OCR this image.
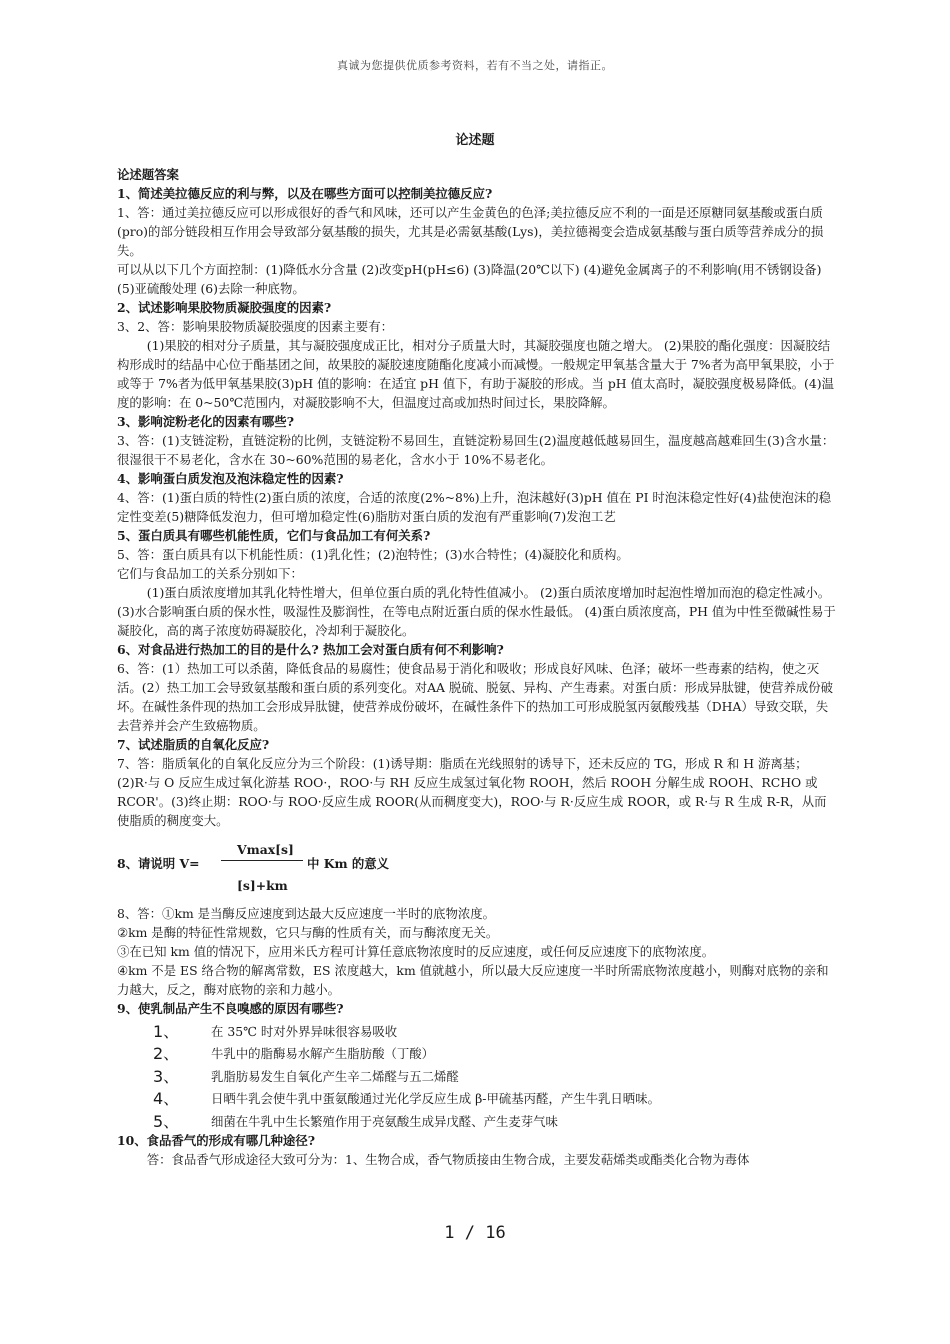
真诚为您提供优质参考资料，若有不当之处，请指正。
论述题

论述题答案

1、简述美拉德反应的利与弊，以及在哪些方面可以控制美拉德反应?

1、答：通过美拉德反应可以形成很好的香气和风味，还可以产生金黄色的色泽;美拉德反应不利的一面是还原糖同氨基酸或蛋白质(pro)的部分链段相互作用会导致部分氨基酸的损失，尤其是必需氨基酸(Lys)，美拉德褐变会造成氨基酸与蛋白质等营养成分的损失。

可以从以下几个方面控制：(1)降低水分含量 (2)改变pH(pH≤6) (3)降温(20℃以下) (4)避免金属离子的不利影响(用不锈钢设备) (5)亚硫酸处理 (6)去除一种底物。

2、试述影响果胶物质凝胶强度的因素?

3、2、答：影响果胶物质凝胶强度的因素主要有：

(1)果胶的相对分子质量，其与凝胶强度成正比，相对分子质量大时，其凝胶强度也随之增大。 (2)果胶的酯化强度：因凝胶结构形成时的结晶中心位于酯基团之间，故果胶的凝胶速度随酯化度减小而减慢。一般规定甲氧基含量大于 7%者为高甲氧果胶，小于或等于 7%者为低甲氧基果胶(3)pH 值的影响：在适宜 pH 值下，有助于凝胶的形成。当 pH 值太高时，凝胶强度极易降低。(4)温度的影响：在 0~50℃范围内，对凝胶影响不大，但温度过高或加热时间过长，果胶降解。

3、影响淀粉老化的因素有哪些?

3、答：(1)支链淀粉，直链淀粉的比例，支链淀粉不易回生，直链淀粉易回生(2)温度越低越易回生，温度越高越难回生(3)含水量：很湿很干不易老化，含水在 30~60%范围的易老化，含水小于 10%不易老化。

4、影响蛋白质发泡及泡沫稳定性的因素?

4、答：(1)蛋白质的特性(2)蛋白质的浓度，合适的浓度(2%~8%)上升，泡沫越好(3)pH 值在 PI 时泡沫稳定性好(4)盐使泡沫的稳定性变差(5)糖降低发泡力，但可增加稳定性(6)脂肪对蛋白质的发泡有严重影响(7)发泡工艺

5、蛋白质具有哪些机能性质，它们与食品加工有何关系?

5、答：蛋白质具有以下机能性质：(1)乳化性；(2)泡特性；(3)水合特性；(4)凝胶化和质构。

它们与食品加工的关系分别如下：

(1)蛋白质浓度增加其乳化特性增大，但单位蛋白质的乳化特性值减小。 (2)蛋白质浓度增加时起泡性增加而泡的稳定性减小。(3)水合影响蛋白质的保水性，吸湿性及膨润性，在等电点附近蛋白质的保水性最低。 (4)蛋白质浓度高，PH 值为中性至微碱性易于凝胶化，高的离子浓度妨碍凝胶化，冷却利于凝胶化。

6、对食品进行热加工的目的是什么? 热加工会对蛋白质有何不利影响?

6、答：(1）热加工可以杀菌，降低食品的易腐性；使食品易于消化和吸收；形成良好风味、色泽；破坏一些毒素的结构，使之灭活。(2）热工加工会导致氨基酸和蛋白质的系列变化。对AA 脱硫、脱氨、异构、产生毒素。对蛋白质：形成异肽键，使营养成份破坏。在碱性条件现的热加工会形成异肽键，使营养成份破坏，在碱性条件下的热加工可形成脱氢丙氨酸残基（DHA）导致交联，失去营养并会产生致癌物质。

7、试述脂质的自氧化反应?

7、答：脂质氧化的自氧化反应分为三个阶段：(1)诱导期：脂质在光线照射的诱导下，还未反应的 TG，形成 R 和 H 游离基；(2)R·与 O 反应生成过氧化游基 ROO·，ROO·与 RH 反应生成氢过氧化物 ROOH，然后 ROOH 分解生成 ROOH、RCHO 或 RCOR'。(3)终止期：ROO·与 ROO·反应生成 ROOR(从而稠度变大)，ROO·与 R·反应生成 ROOR，或 R·与 R 生成 R-R，从而使脂质的稠度变大。

Vmax[s]
8、请说明 V=	中 Km 的意义
[s]+km

8、答：①km 是当酶反应速度到达最大反应速度一半时的底物浓度。

②km 是酶的特征性常规数，它只与酶的性质有关，而与酶浓度无关。

③在已知 km 值的情况下，应用米氏方程可计算任意底物浓度时的反应速度，或任何反应速度下的底物浓度。

④km 不是 ES 络合物的解离常数，ES 浓度越大，km 值就越小，所以最大反应速度一半时所需底物浓度越小，则酶对底物的亲和力越大，反之，酶对底物的亲和力越小。

9、使乳制品产生不良嗅感的原因有哪些?

1、	在 35℃ 时对外界异味很容易吸收
2、	牛乳中的脂酶易水解产生脂肪酸（丁酸）
3、	乳脂肪易发生自氧化产生辛二烯醛与五二烯醛
4、	日晒牛乳会使牛乳中蛋氨酸通过光化学反应生成 β-甲硫基丙醛，产生牛乳日晒味。
5、	细菌在牛乳中生长繁殖作用于亮氨酸生成异戊醛、产生麦芽气味

10、食品香气的形成有哪几种途径?

答：食品香气形成途径大致可分为：1、生物合成，香气物质接由生物合成，主要发萜烯类或酯类化合物为毒体

1 / 16
